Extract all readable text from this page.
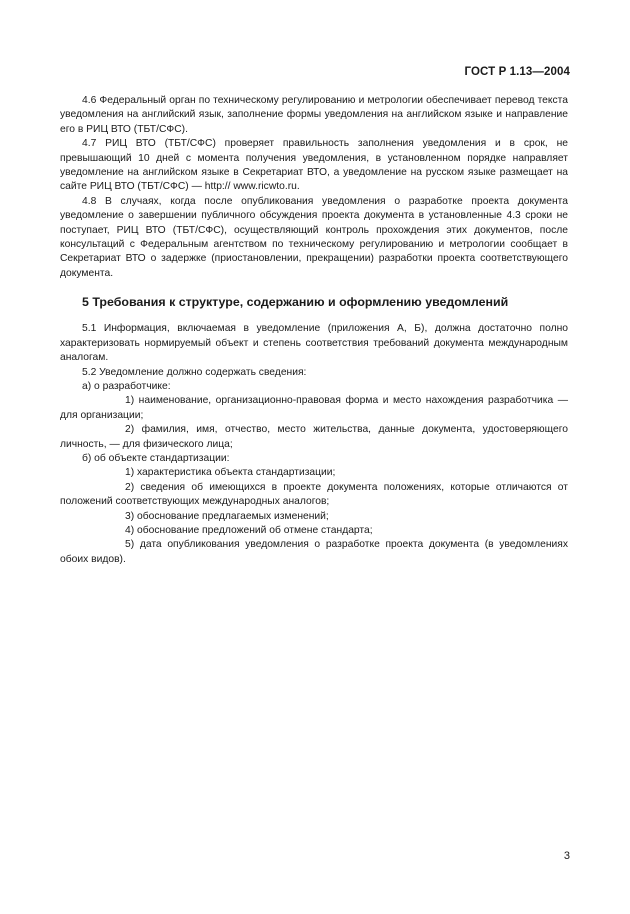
ГОСТ Р 1.13—2004

4.6 Федеральный орган по техническому регулированию и метрологии обеспечивает перевод текста уведомления на английский язык, заполнение формы уведомления на английском языке и направление его в РИЦ ВТО (ТБТ/СФС).

4.7 РИЦ ВТО (ТБТ/СФС) проверяет правильность заполнения уведомления и в срок, не превышающий 10 дней с момента получения уведомления, в установленном порядке направляет уведомление на английском языке в Секретариат ВТО, а уведомление на русском языке размещает на сайте РИЦ ВТО (ТБТ/СФС) — http:// www.ricwto.ru.

4.8 В случаях, когда после опубликования уведомления о разработке проекта документа уведомление о завершении публичного обсуждения проекта документа в установленные 4.3 сроки не поступает, РИЦ ВТО (ТБТ/СФС), осуществляющий контроль прохождения этих документов, после консультаций с Федеральным агентством по техническому регулированию и метрологии сообщает в Секретариат ВТО о задержке (приостановлении, прекращении) разработки проекта соответствующего документа.

5 Требования к структуре, содержанию и оформлению уведомлений

5.1 Информация, включаемая в уведомление (приложения А, Б), должна достаточно полно характеризовать нормируемый объект и степень соответствия требований документа международным аналогам.

5.2 Уведомление должно содержать сведения:

а) о разработчике:

1) наименование, организационно-правовая форма и место нахождения разработчика — для организации;

2) фамилия, имя, отчество, место жительства, данные документа, удостоверяющего личность, — для физического лица;

б) об объекте стандартизации:

1) характеристика объекта стандартизации;

2) сведения об имеющихся в проекте документа положениях, которые отличаются от положений соответствующих международных аналогов;

3) обоснование предлагаемых изменений;

4) обоснование предложений об отмене стандарта;

5) дата опубликования уведомления о разработке проекта документа (в уведомлениях обоих видов).

3
